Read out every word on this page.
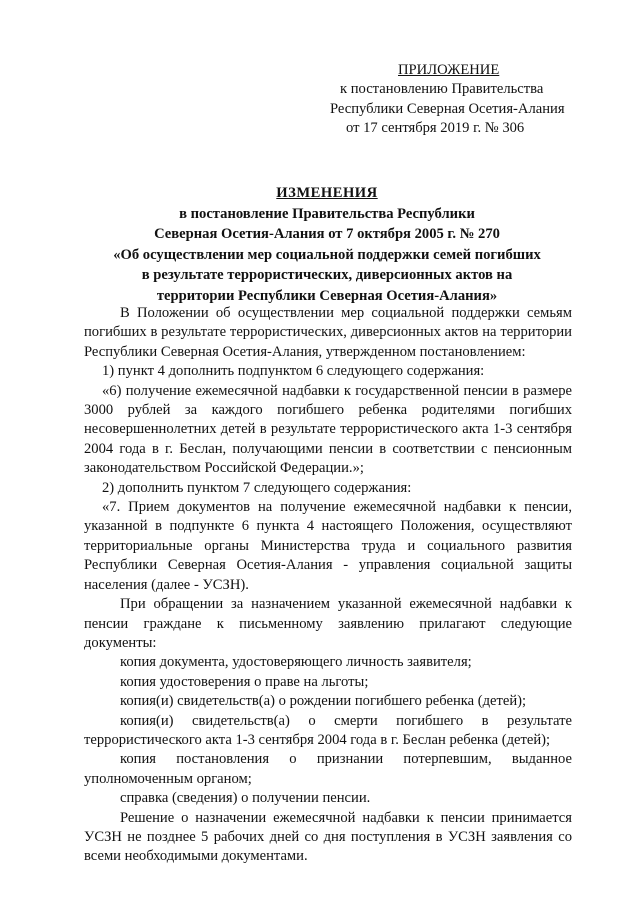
ПРИЛОЖЕНИЕ
к постановлению Правительства
Республики Северная Осетия-Алания
от 17 сентября 2019 г. № 306
ИЗМЕНЕНИЯ
в постановление Правительства Республики
Северная Осетия-Алания от 7 октября 2005 г. № 270
«Об осуществлении мер социальной поддержки семей погибших
в результате террористических, диверсионных актов на
территории Республики Северная Осетия-Алания»

В Положении об осуществлении мер социальной поддержки семьям погибших в результате террористических, диверсионных актов на территории Республики Северная Осетия-Алания, утвержденном постановлением:

1) пункт 4 дополнить подпунктом 6 следующего содержания:

«6) получение ежемесячной надбавки к государственной пенсии в размере 3000 рублей за каждого погибшего ребенка родителями погибших несовершеннолетних детей в результате террористического акта 1-3 сентября 2004 года в г. Беслан, получающими пенсии в соответствии с пенсионным законодательством Российской Федерации.»;

2) дополнить пунктом 7 следующего содержания:

«7. Прием документов на получение ежемесячной надбавки к пенсии, указанной в подпункте 6 пункта 4 настоящего Положения, осуществляют территориальные органы Министерства труда и социального развития Республики Северная Осетия-Алания - управления социальной защиты населения (далее - УСЗН).

При обращении за назначением указанной ежемесячной надбавки к пенсии граждане к письменному заявлению прилагают следующие документы:

копия документа, удостоверяющего личность заявителя;

копия удостоверения о праве на льготы;

копия(и) свидетельств(а) о рождении погибшего ребенка (детей);

копия(и) свидетельств(а) о смерти погибшего в результате террористического акта 1-3 сентября 2004 года в г. Беслан ребенка (детей);

копия постановления о признании потерпевшим, выданное уполномоченным органом;

справка (сведения) о получении пенсии.

Решение о назначении ежемесячной надбавки к пенсии принимается УСЗН не позднее 5 рабочих дней со дня поступления в УСЗН заявления со всеми необходимыми документами.
